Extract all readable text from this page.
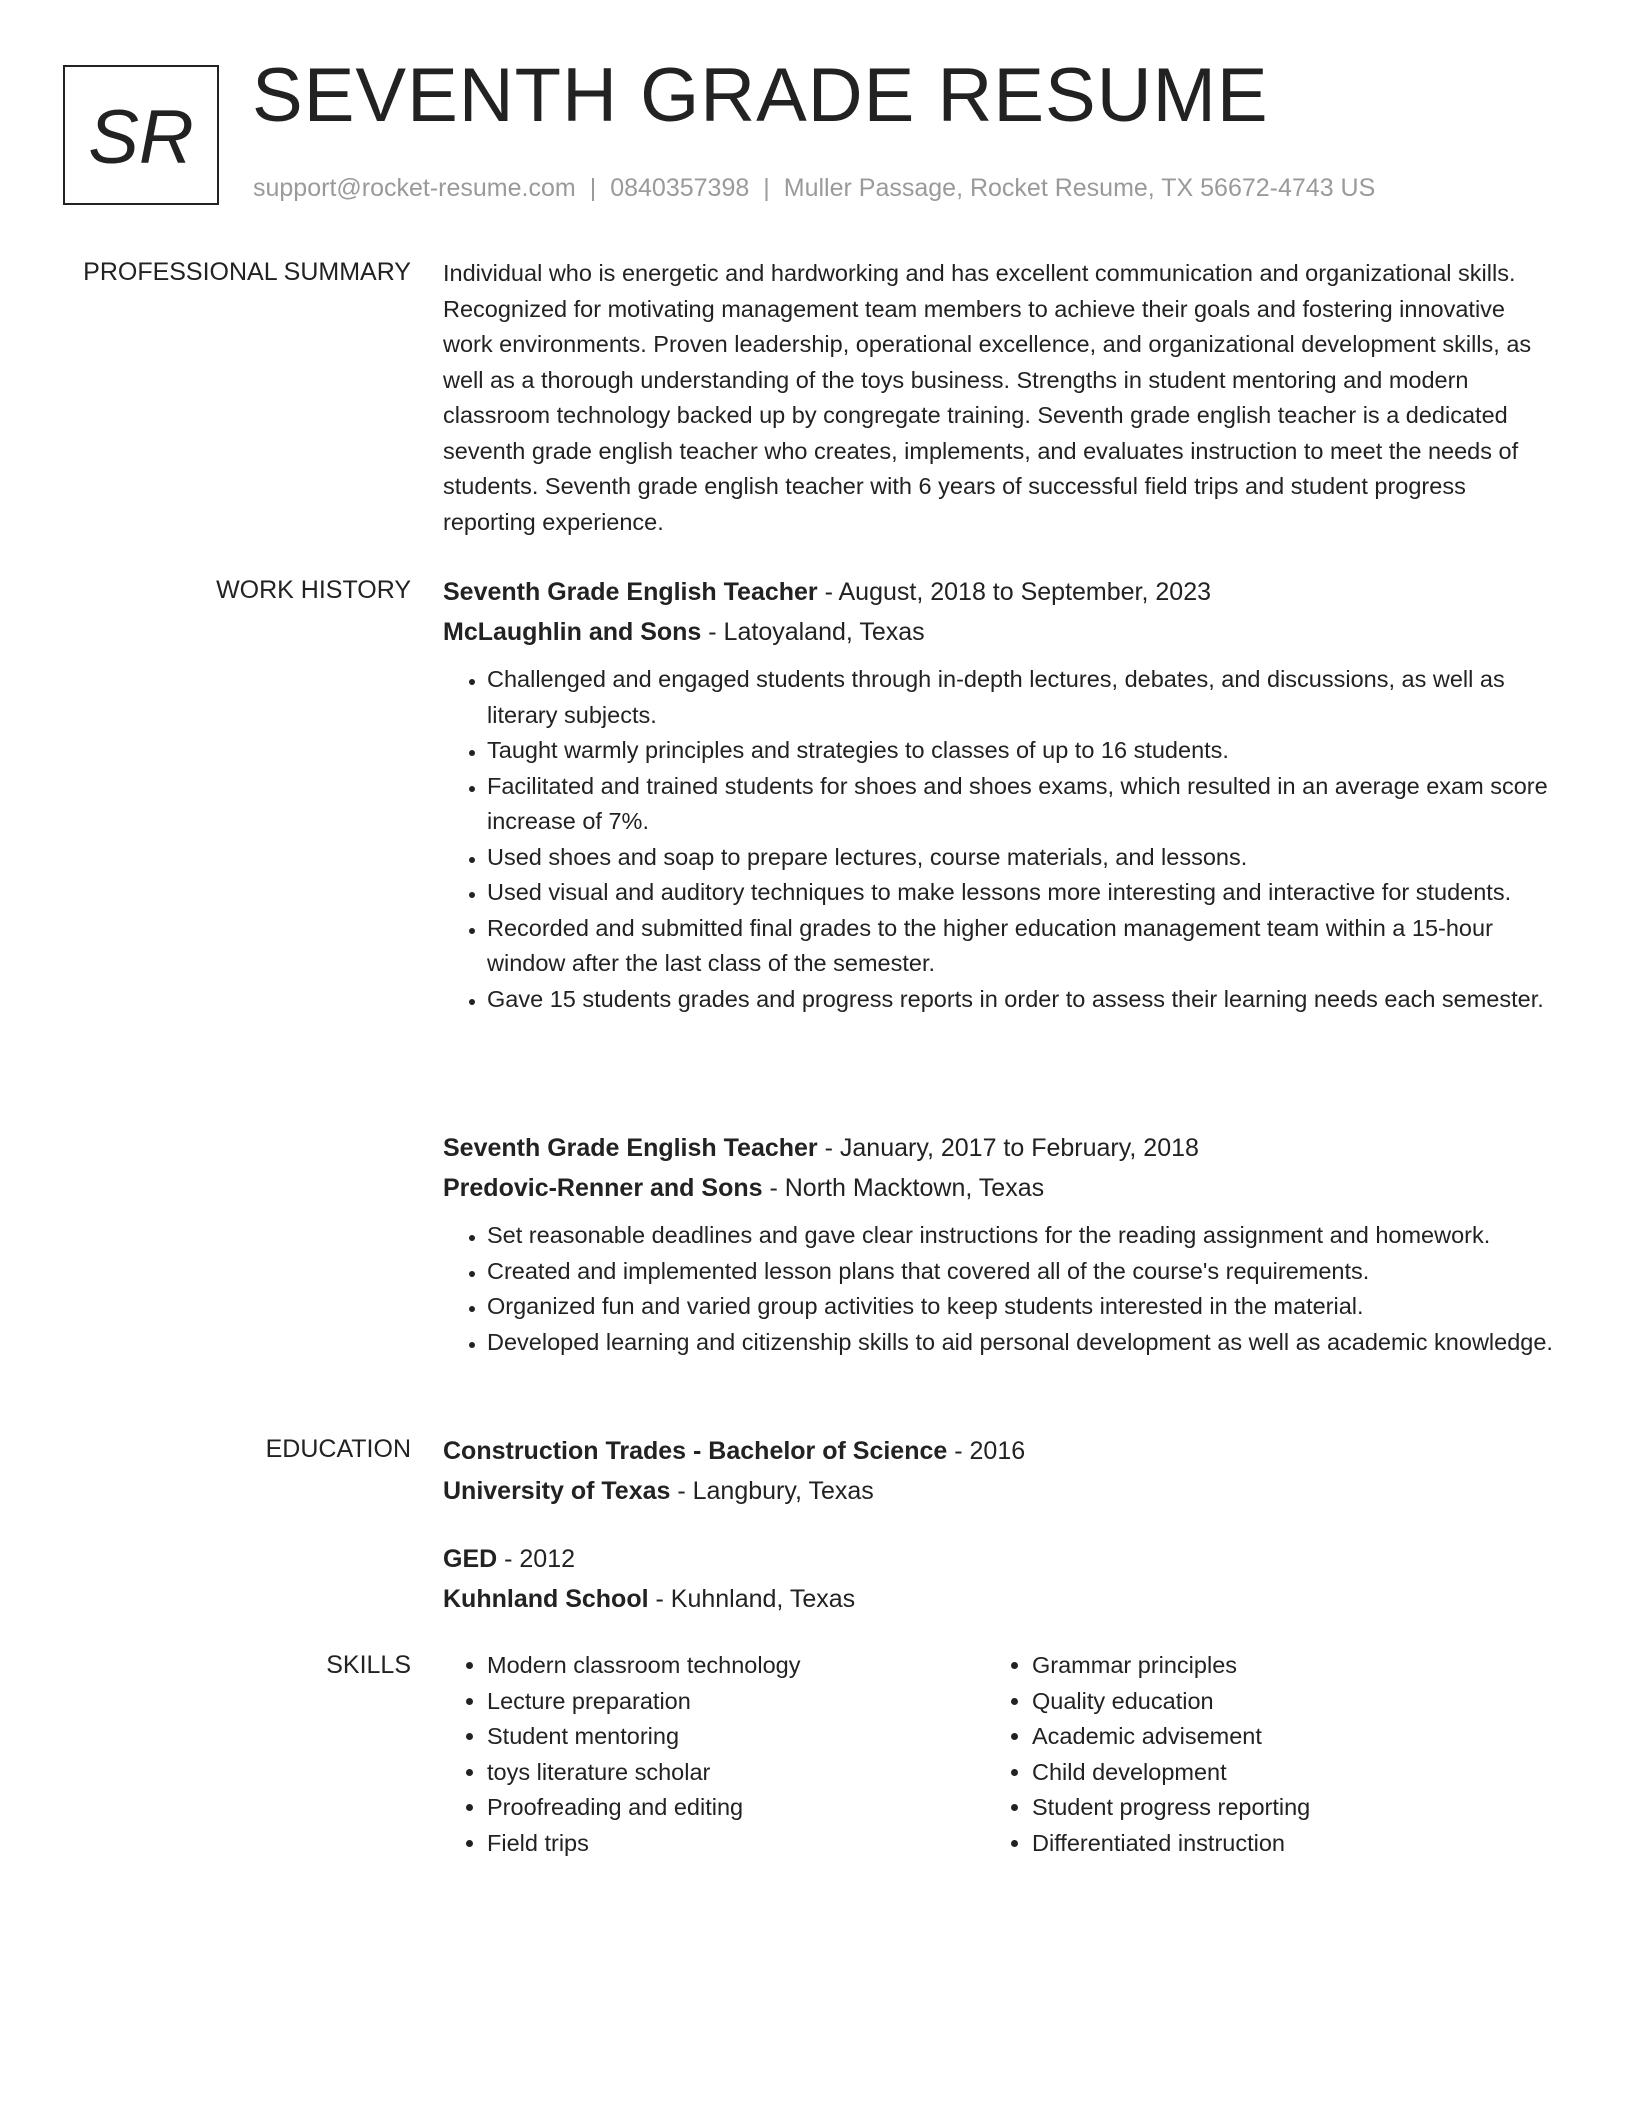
SR SEVENTH GRADE RESUME
support@rocket-resume.com | 0840357398 | Muller Passage, Rocket Resume, TX 56672-4743 US
PROFESSIONAL SUMMARY Individual who is energetic and hardworking and has excellent communication and organizational skills. Recognized for motivating management team members to achieve their goals and fostering innovative work environments. Proven leadership, operational excellence, and organizational development skills, as well as a thorough understanding of the toys business. Strengths in student mentoring and modern classroom technology backed up by congregate training. Seventh grade english teacher is a dedicated seventh grade english teacher who creates, implements, and evaluates instruction to meet the needs of students. Seventh grade english teacher with 6 years of successful field trips and student progress reporting experience.

WORK HISTORY Seventh Grade English Teacher - August, 2018 to September, 2023
McLaughlin and Sons - Latoyaland, Texas
• Challenged and engaged students through in-depth lectures, debates, and discussions, as well as literary subjects.
• Taught warmly principles and strategies to classes of up to 16 students.
• Facilitated and trained students for shoes and shoes exams, which resulted in an average exam score increase of 7%.
• Used shoes and soap to prepare lectures, course materials, and lessons.
• Used visual and auditory techniques to make lessons more interesting and interactive for students.
• Recorded and submitted final grades to the higher education management team within a 15-hour window after the last class of the semester.
• Gave 15 students grades and progress reports in order to assess their learning needs each semester.
Seventh Grade English Teacher - January, 2017 to February, 2018
Predovic-Renner and Sons - North Macktown, Texas
• Set reasonable deadlines and gave clear instructions for the reading assignment and homework.
• Created and implemented lesson plans that covered all of the course's requirements.
• Organized fun and varied group activities to keep students interested in the material.
• Developed learning and citizenship skills to aid personal development as well as academic knowledge.
EDUCATION Construction Trades - Bachelor of Science - 2016
University of Texas - Langbury, Texas
GED - 2012
Kuhnland School - Kuhnland, Texas
SKILLS
•	Modern classroom technology
• Lecture preparation
• Student mentoring
• toys literature scholar
• Proofreading and editing
• Field trips
• Grammar principles
• Quality education
• Academic advisement
• Child development
• Student progress reporting
• Differentiated instruction
